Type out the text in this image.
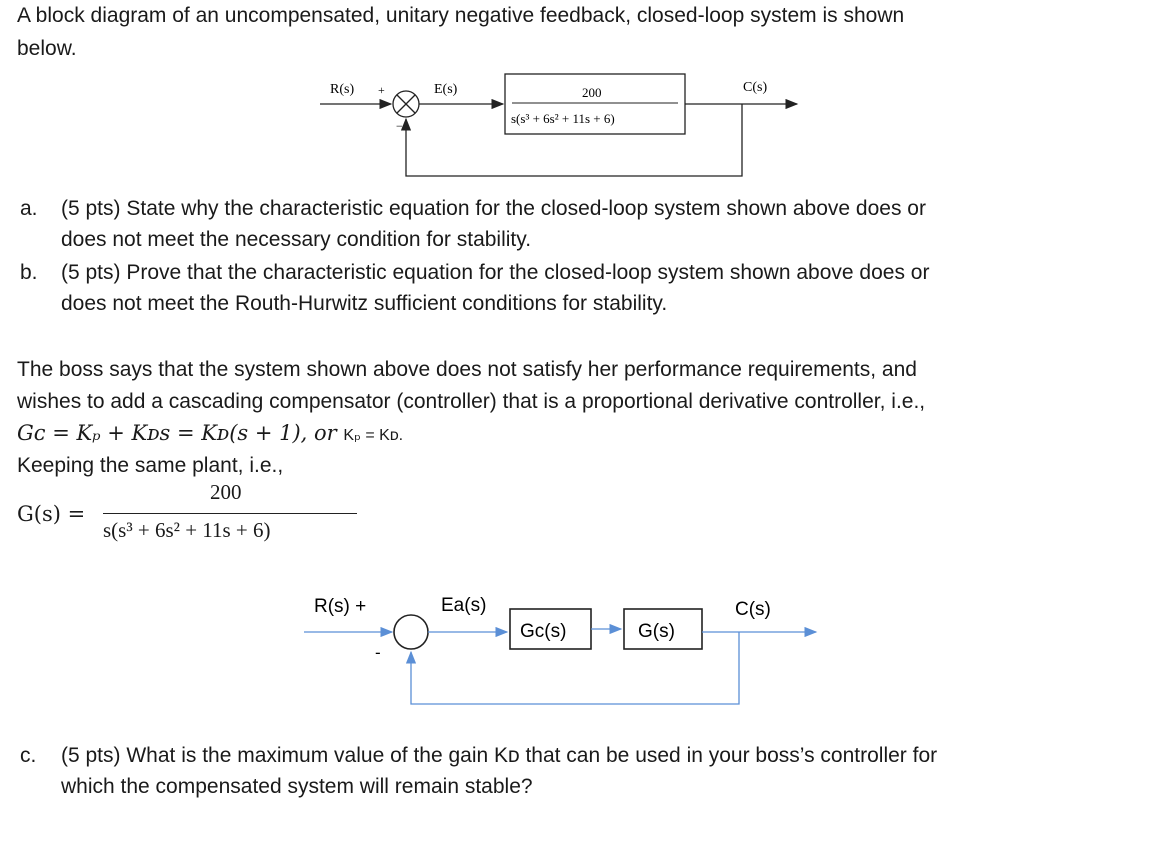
A block diagram of an uncompensated, unitary negative feedback, closed-loop system is shown

below.

R(s) +
−
E(s)	200
s(s³ + 6s² + 11s + 6)
C(s)
a. (5 pts) State why the characteristic equation for the closed-loop system shown above does or

does not meet the necessary condition for stability.

b. (5 pts) Prove that the characteristic equation for the closed-loop system shown above does or

does not meet the Routh-Hurwitz sufficient conditions for stability.

The boss says that the system shown above does not satisfy her performance requirements, and

wishes to add a cascading compensator (controller) that is a proportional derivative controller, i.e.,

Gᴄ = Kₚ + Kᴅs = Kᴅ(s + 1), or Kₚ = Kᴅ.

Keeping the same plant, i.e.,

G(s) =
200
s(s³ + 6s² + 11s + 6)
R(s) +
-
Ea(s)
Gc(s)	G(s)
C(s)
c. (5 pts) What is the maximum value of the gain Kᴅ that can be used in your boss’s controller for

which the compensated system will remain stable?
